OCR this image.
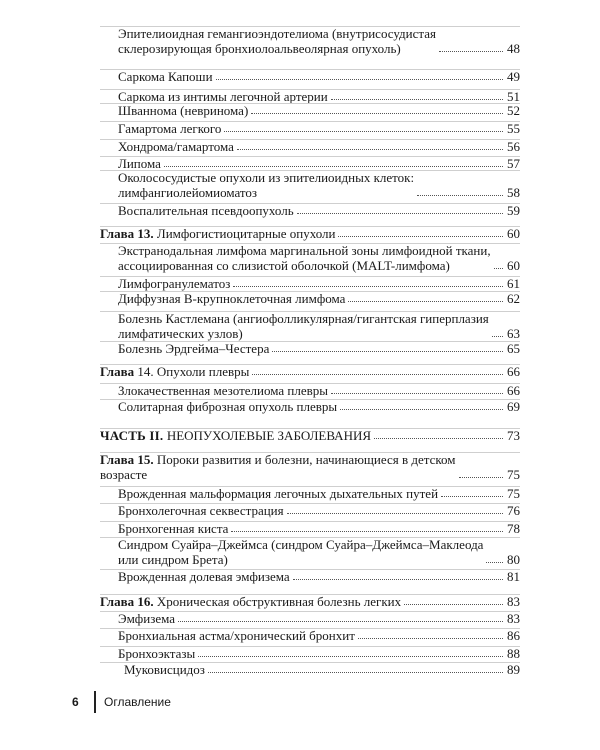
Эпителиоидная гемангиоэндотелиома (внутрисосудистая
склерозирующая бронхиолоальвеолярная опухоль)	48
Саркома Капоши	49
Саркома из интимы легочной артерии	51
Шваннома (невринома)	52
Гамартома легкого	55
Хондрома/гамартома	56
Липома	57
Околососудистые опухоли из эпителиоидных клеток:
лимфангиолейомиоматоз	58
Воспалительная псевдоопухоль	59
Глава 13. Лимфогистиоцитарные опухоли	60
Экстранодальная лимфома маргинальной зоны лимфоидной ткани,
ассоциированная со слизистой оболочкой (MALT-лимфома)	60
Лимфогранулематоз	61
Диффузная B-крупноклеточная лимфома	62
Болезнь Кастлемана (ангиофолликулярная/гигантская гиперплазия
лимфатических узлов)	63
Болезнь Эрдгейма–Честера	65
Глава 14. Опухоли плевры	66
Злокачественная мезотелиома плевры	66
Солитарная фиброзная опухоль плевры	69
ЧАСТЬ II. НЕОПУХОЛЕВЫЕ ЗАБОЛЕВАНИЯ	73
Глава 15. Пороки развития и болезни, начинающиеся в детском
возрасте	75
Врожденная мальформация легочных дыхательных путей	75
Бронхолегочная секвестрация	76
Бронхогенная киста	78
Синдром Суайра–Джеймса (синдром Суайра–Джеймса–Маклеода
или синдром Брета)	80
Врожденная долевая эмфизема	81
Глава 16. Хроническая обструктивная болезнь легких	83
Эмфизема	83
Бронхиальная астма/хронический бронхит	86
Бронхоэктазы	88
Муковисцидоз	89
6	Оглавление
